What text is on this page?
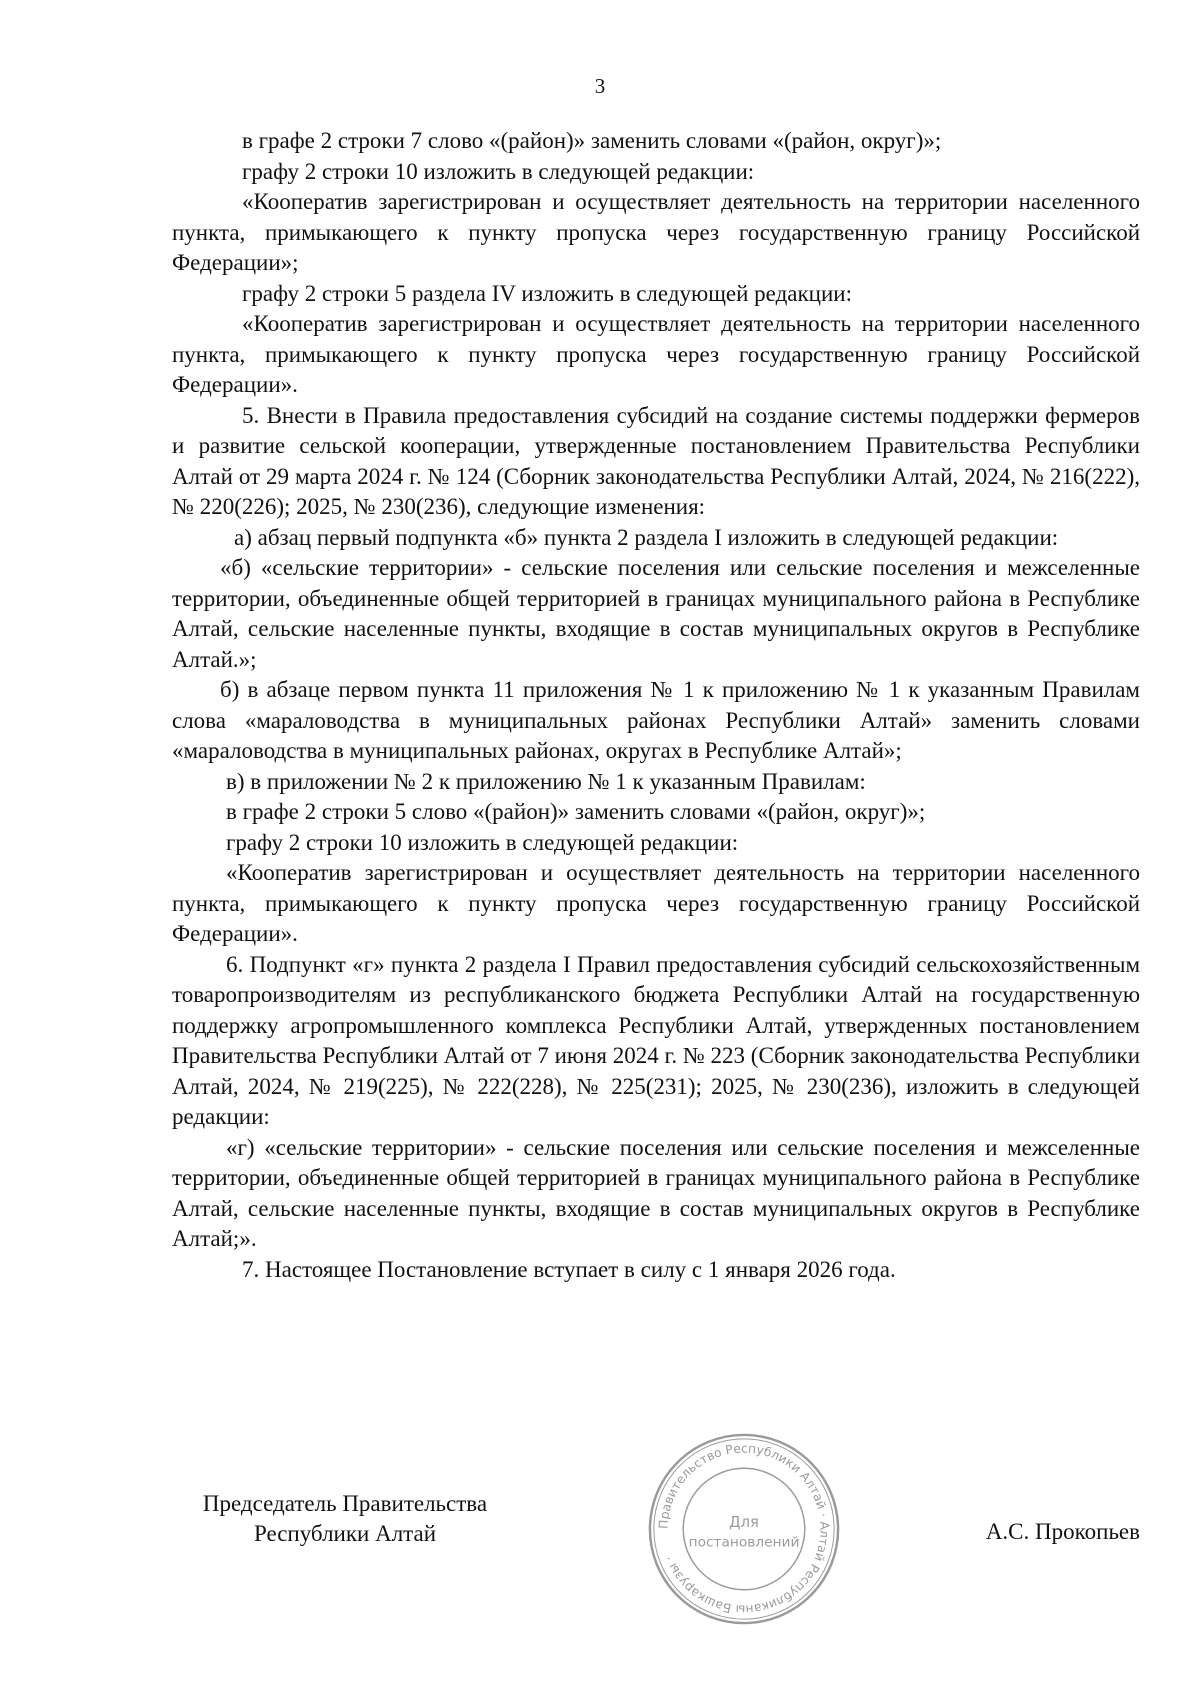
3

в графе 2 строки 7 слово «(район)» заменить словами «(район, округ)»;

графу 2 строки 10 изложить в следующей редакции:

«Кооператив зарегистрирован и осуществляет деятельность на территории населенного пункта, примыкающего к пункту пропуска через государственную границу Российской Федерации»;

графу 2 строки 5 раздела IV изложить в следующей редакции:

«Кооператив зарегистрирован и осуществляет деятельность на территории населенного пункта, примыкающего к пункту пропуска через государственную границу Российской Федерации».

5. Внести в Правила предоставления субсидий на создание системы поддержки фермеров и развитие сельской кооперации, утвержденные постановлением Правительства Республики Алтай от 29 марта 2024 г. № 124 (Сборник законодательства Республики Алтай, 2024, № 216(222), № 220(226); 2025, № 230(236), следующие изменения:

а) абзац первый подпункта «б» пункта 2 раздела I изложить в следующей редакции:

«б) «сельские территории» - сельские поселения или сельские поселения и межселенные территории, объединенные общей территорией в границах муниципального района в Республике Алтай, сельские населенные пункты, входящие в состав муниципальных округов в Республике Алтай.»;

б) в абзаце первом пункта 11 приложения № 1 к приложению № 1 к указанным Правилам слова «мараловодства в муниципальных районах Республики Алтай» заменить словами «мараловодства в муниципальных районах, округах в Республике Алтай»;

в) в приложении № 2 к приложению № 1 к указанным Правилам:

в графе 2 строки 5 слово «(район)» заменить словами «(район, округ)»;

графу 2 строки 10 изложить в следующей редакции:

«Кооператив зарегистрирован и осуществляет деятельность на территории населенного пункта, примыкающего к пункту пропуска через государственную границу Российской Федерации».

6. Подпункт «г» пункта 2 раздела I Правил предоставления субсидий сельскохозяйственным товаропроизводителям из республиканского бюджета Республики Алтай на государственную поддержку агропромышленного комплекса Республики Алтай, утвержденных постановлением Правительства Республики Алтай от 7 июня 2024 г. № 223 (Сборник законодательства Республики Алтай, 2024, № 219(225), № 222(228), № 225(231); 2025, № 230(236), изложить в следующей редакции:

«г) «сельские территории» - сельские поселения или сельские поселения и межселенные территории, объединенные общей территорией в границах муниципального района в Республике Алтай, сельские населенные пункты, входящие в состав муниципальных округов в Республике Алтай;».

7. Настоящее Постановление вступает в силу с 1 января 2026 года.

Председатель Правительства
Республики Алтай	А.С. Прокопьев
Правительство Республики Алтай · Алтай Республиканы Башкарузы ·
Для
постановлений
